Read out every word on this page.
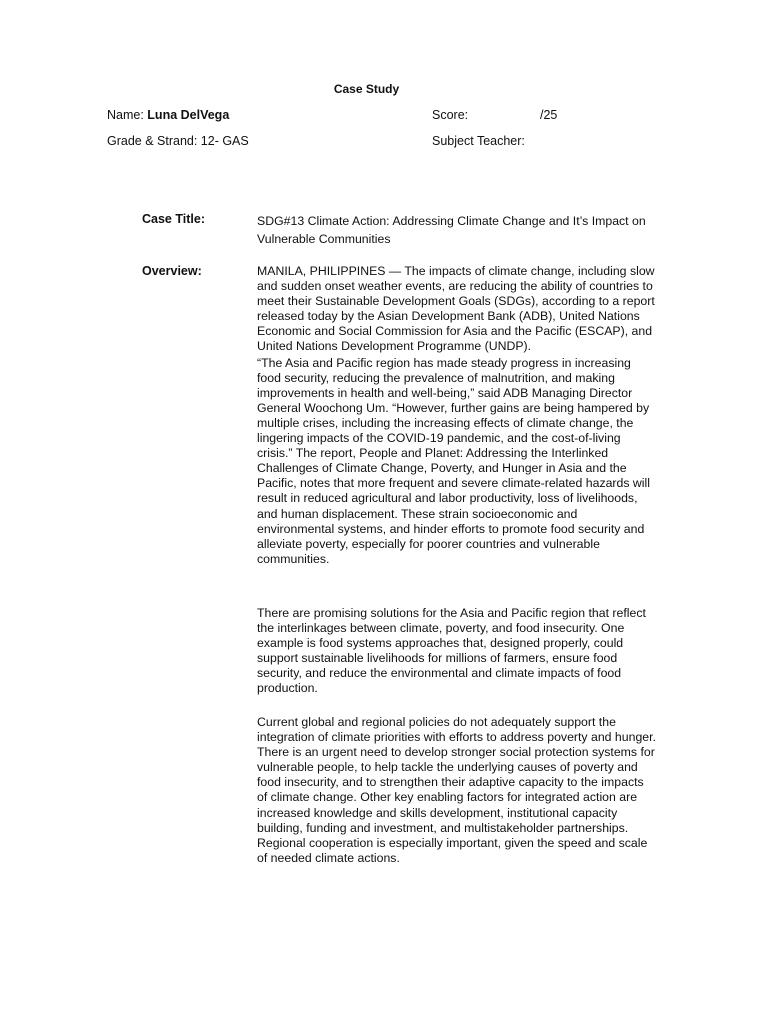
Case Study
Name: Luna DelVega	Score:	/25
Grade & Strand: 12- GAS	Subject Teacher:
Case Title:	SDG#13 Climate Action: Addressing Climate Change and It’s Impact on Vulnerable Communities
Overview:	MANILA, PHILIPPINES — The impacts of climate change, including slow and sudden onset weather events, are reducing the ability of countries to meet their Sustainable Development Goals (SDGs), according to a report released today by the Asian Development Bank (ADB), United Nations Economic and Social Commission for Asia and the Pacific (ESCAP), and United Nations Development Programme (UNDP).

“The Asia and Pacific region has made steady progress in increasing food security, reducing the prevalence of malnutrition, and making improvements in health and well-being,” said ADB Managing Director General Woochong Um. “However, further gains are being hampered by multiple crises, including the increasing effects of climate change, the lingering impacts of the COVID-19 pandemic, and the cost-of-living crisis.” The report, People and Planet: Addressing the Interlinked Challenges of Climate Change, Poverty, and Hunger in Asia and the Pacific, notes that more frequent and severe climate-related hazards will result in reduced agricultural and labor productivity, loss of livelihoods, and human displacement. These strain socioeconomic and environmental systems, and hinder efforts to promote food security and alleviate poverty, especially for poorer countries and vulnerable communities.

There are promising solutions for the Asia and Pacific region that reflect the interlinkages between climate, poverty, and food insecurity. One example is food systems approaches that, designed properly, could support sustainable livelihoods for millions of farmers, ensure food security, and reduce the environmental and climate impacts of food production.
Current global and regional policies do not adequately support the integration of climate priorities with efforts to address poverty and hunger. There is an urgent need to develop stronger social protection systems for vulnerable people, to help tackle the underlying causes of poverty and food insecurity, and to strengthen their adaptive capacity to the impacts of climate change. Other key enabling factors for integrated action are increased knowledge and skills development, institutional capacity building, funding and investment, and multistakeholder partnerships. Regional cooperation is especially important, given the speed and scale of needed climate actions.
